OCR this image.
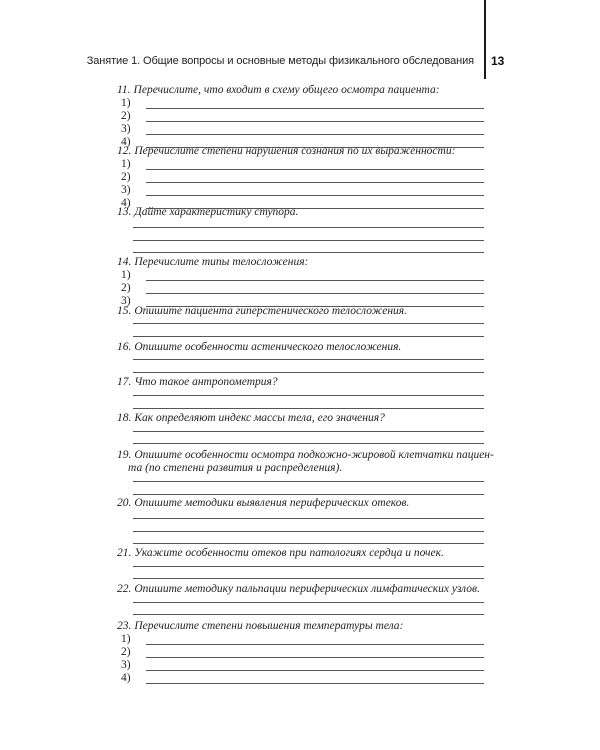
Занятие 1. Общие вопросы и основные методы физикального обследования 13
11. Перечислите, что входит в схему общего осмотра пациента:
1)
2)
3)
4)
12. Перечислите степени нарушения сознания по их выраженности:
1)
2)
3)
4)
13. Дайте характеристику ступора.
14. Перечислите типы телосложения:
1)
2)
3)
15. Опишите пациента гиперстенического телосложения.
16. Опишите особенности астенического телосложения.
17. Что такое антропометрия?
18. Как определяют индекс массы тела, его значения?
19. Опишите особенности осмотра подкожно-жировой клетчатки пациен-
та (по степени развития и распределения).
20. Опишите методики выявления периферических отеков.
21. Укажите особенности отеков при патологиях сердца и почек.
22. Опишите методику пальпации периферических лимфатических узлов.
23. Перечислите степени повышения температуры тела:
1)
2)
3)
4)
